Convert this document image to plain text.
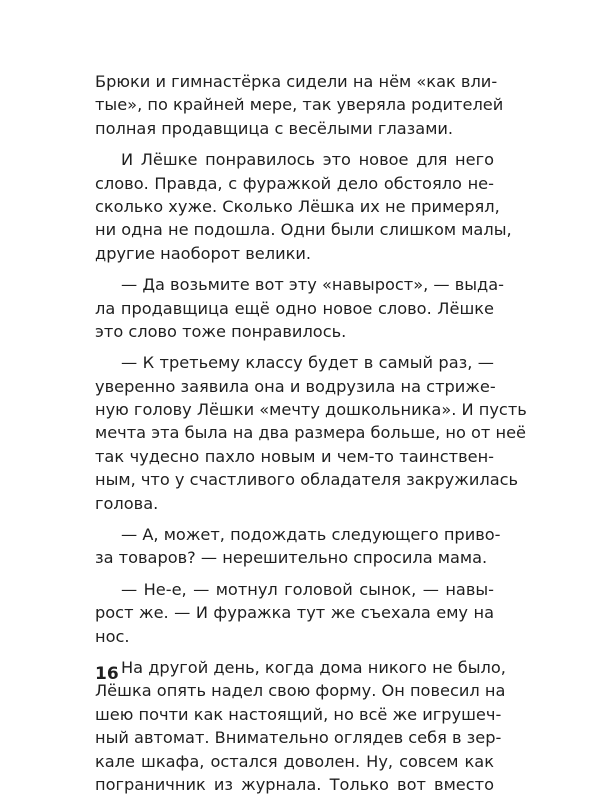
Брюки и гимнастёрка сидели на нём «как вли-
тые», по крайней мере, так уверяла родителей
полная продавщица с весёлыми глазами.
И Лёшке понравилось это новое для него
слово. Правда, с фуражкой дело обстояло не-
сколько хуже. Сколько Лёшка их не примерял,
ни одна не подошла. Одни были слишком малы,
другие наоборот велики.
— Да возьмите вот эту «навырост», — выда-
ла продавщица ещё одно новое слово. Лёшке
это слово тоже понравилось.
— К третьему классу будет в самый раз, —
уверенно заявила она и водрузила на стриже-
ную голову Лёшки «мечту дошкольника». И пусть
мечта эта была на два размера больше, но от неё
так чудесно пахло новым и чем-то таинствен-
ным, что у счастливого обладателя закружилась
голова.
— А, может, подождать следующего приво-
за товаров? — нерешительно спросила мама.
— Не-е, — мотнул головой сынок, — навы-
рост же. — И фуражка тут же съехала ему на
нос.
На другой день, когда дома никого не было,
Лёшка опять надел свою форму. Он повесил на
шею почти как настоящий, но всё же игрушеч-
ный автомат. Внимательно оглядев себя в зер-
кале шкафа, остался доволен. Ну, совсем как
пограничник из журнала. Только вот вместо
16
